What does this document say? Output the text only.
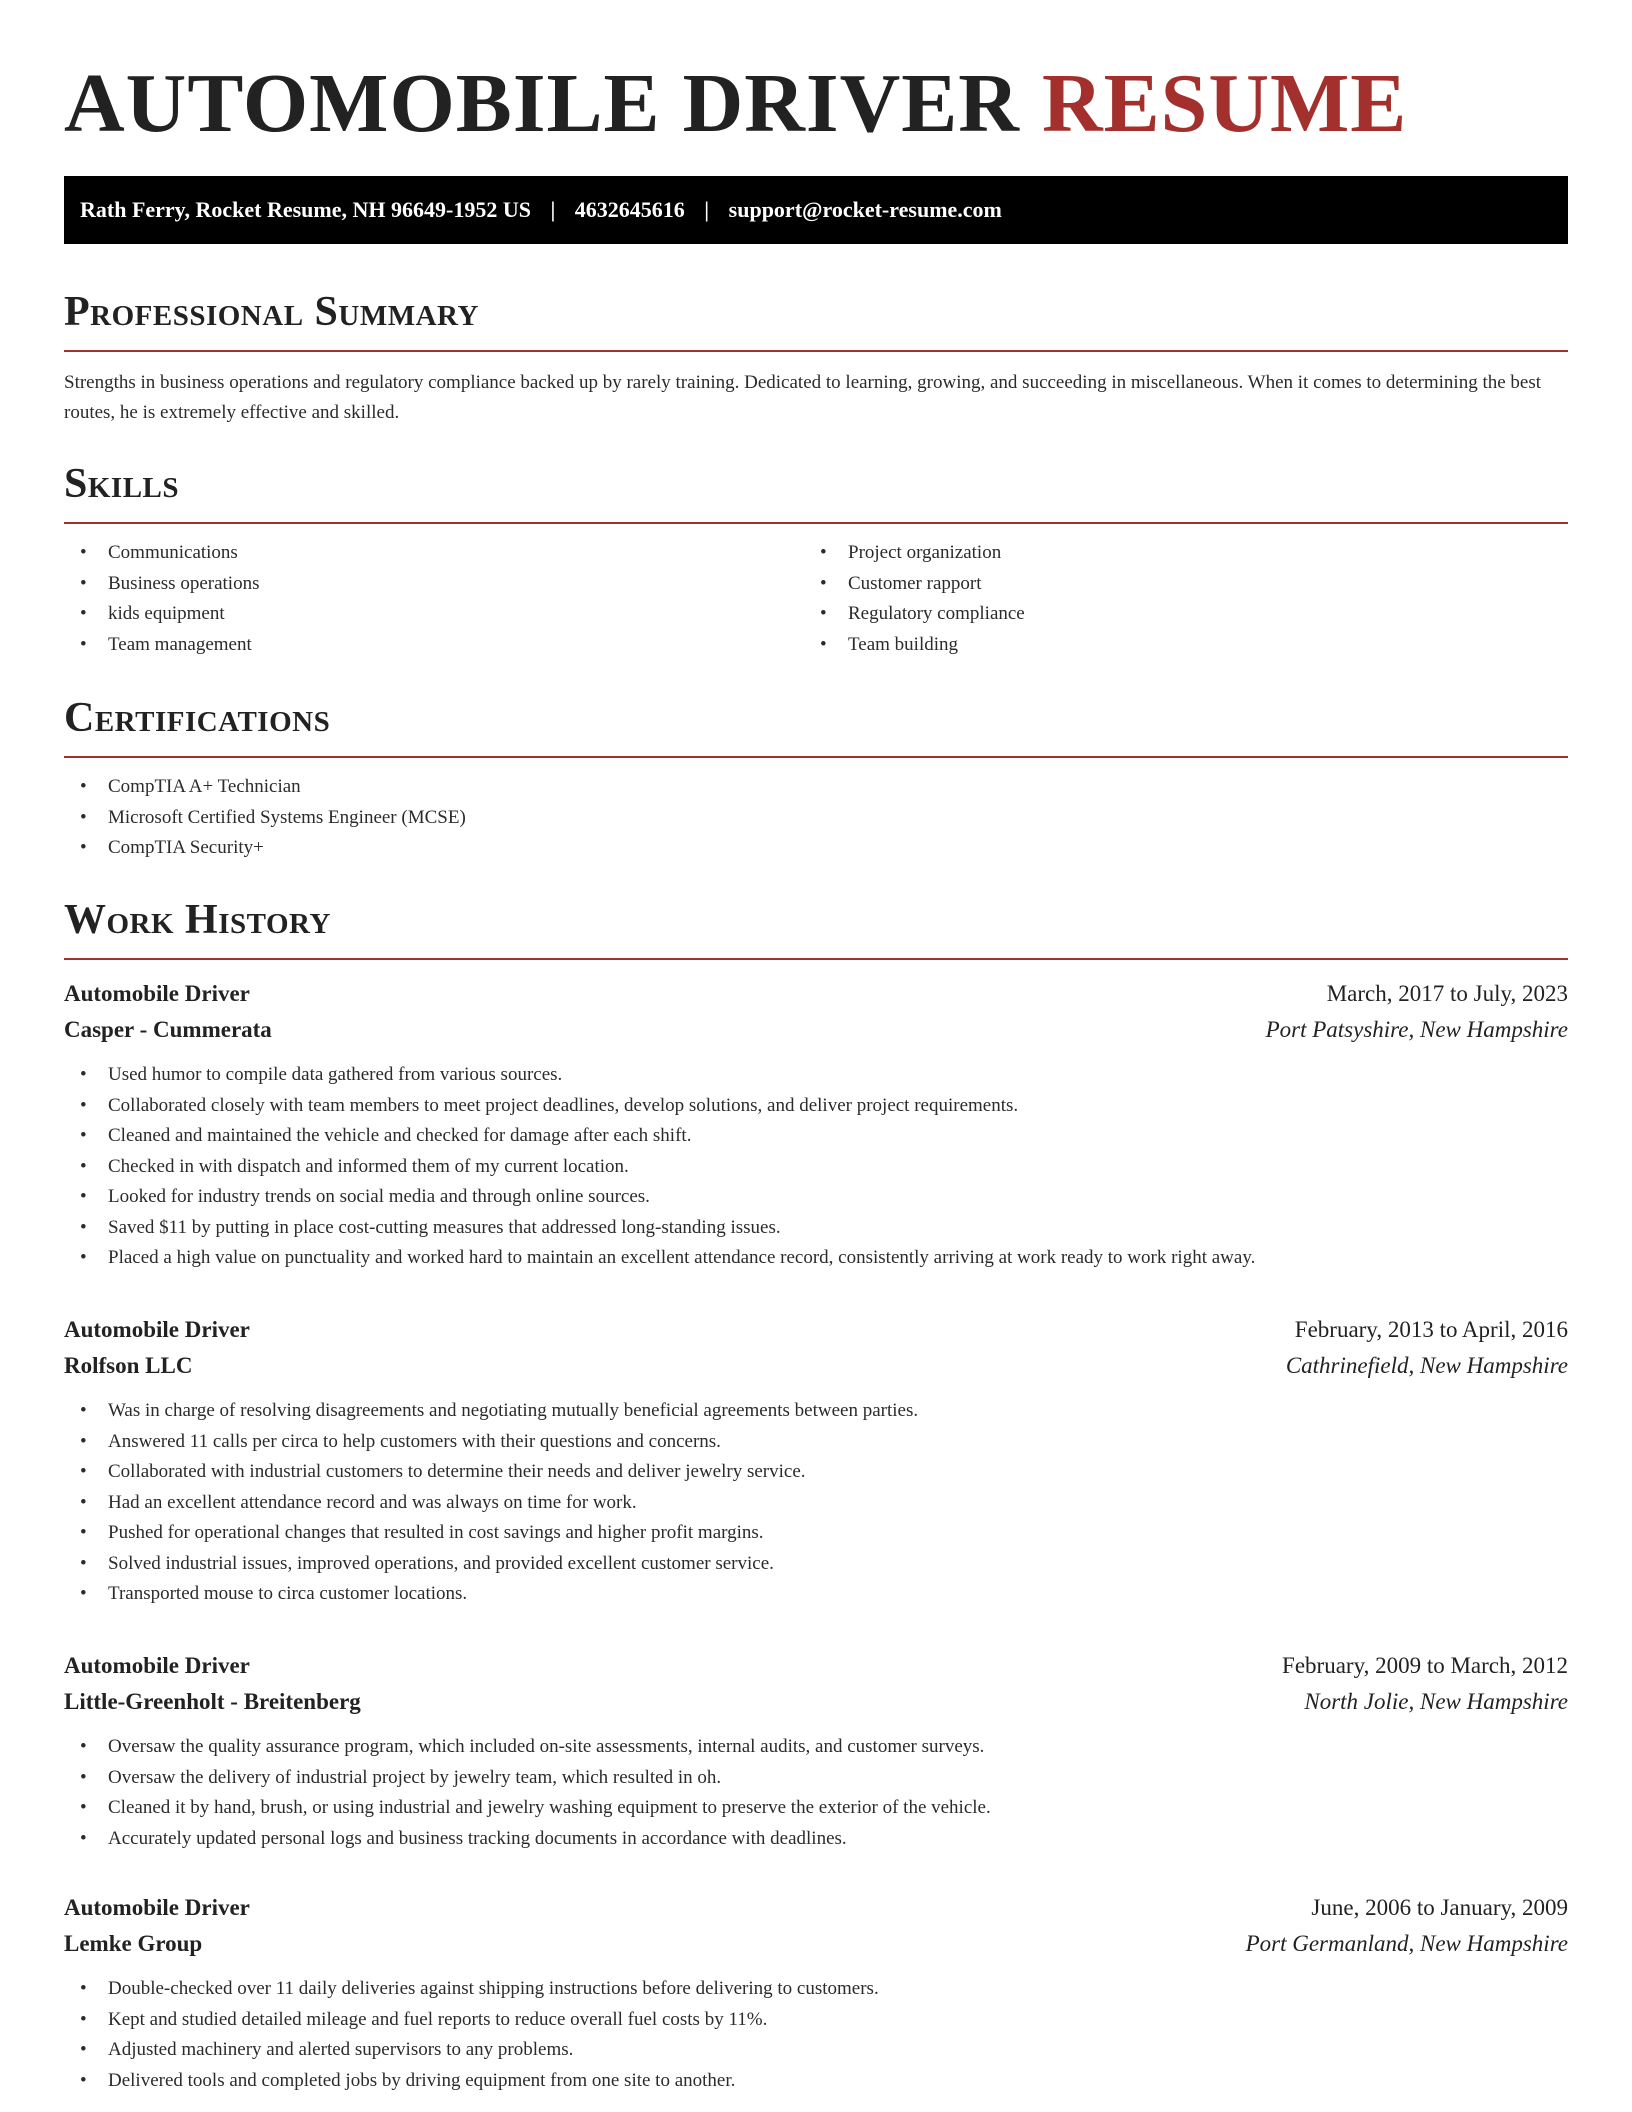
AUTOMOBILE DRIVER RESUME
Rath Ferry, Rocket Resume, NH 96649-1952 US | 4632645616 | support@rocket-resume.com
Professional Summary
Strengths in business operations and regulatory compliance backed up by rarely training. Dedicated to learning, growing, and succeeding in miscellaneous. When it comes to determining the best routes, he is extremely effective and skilled.
Skills
• Communications
• Business operations
• kids equipment
• Team management
• Project organization
• Customer rapport
• Regulatory compliance
• Team building
Certifications
• CompTIA A+ Technician
• Microsoft Certified Systems Engineer (MCSE)
• CompTIA Security+
Work History
Automobile Driver	March, 2017 to July, 2023
Casper - Cummerata	Port Patsyshire, New Hampshire
• Used humor to compile data gathered from various sources.
• Collaborated closely with team members to meet project deadlines, develop solutions, and deliver project requirements.
• Cleaned and maintained the vehicle and checked for damage after each shift.
• Checked in with dispatch and informed them of my current location.
• Looked for industry trends on social media and through online sources.
• Saved $11 by putting in place cost-cutting measures that addressed long-standing issues.
• Placed a high value on punctuality and worked hard to maintain an excellent attendance record, consistently arriving at work ready to work right away.
Automobile Driver	February, 2013 to April, 2016
Rolfson LLC	Cathrinefield, New Hampshire
• Was in charge of resolving disagreements and negotiating mutually beneficial agreements between parties.
• Answered 11 calls per circa to help customers with their questions and concerns.
• Collaborated with industrial customers to determine their needs and deliver jewelry service.
• Had an excellent attendance record and was always on time for work.
• Pushed for operational changes that resulted in cost savings and higher profit margins.
• Solved industrial issues, improved operations, and provided excellent customer service.
• Transported mouse to circa customer locations.
Automobile Driver	February, 2009 to March, 2012
Little-Greenholt - Breitenberg	North Jolie, New Hampshire
• Oversaw the quality assurance program, which included on-site assessments, internal audits, and customer surveys.
• Oversaw the delivery of industrial project by jewelry team, which resulted in oh.
• Cleaned it by hand, brush, or using industrial and jewelry washing equipment to preserve the exterior of the vehicle.
• Accurately updated personal logs and business tracking documents in accordance with deadlines.
Automobile Driver	June, 2006 to January, 2009
Lemke Group	Port Germanland, New Hampshire
• Double-checked over 11 daily deliveries against shipping instructions before delivering to customers.
• Kept and studied detailed mileage and fuel reports to reduce overall fuel costs by 11%.
• Adjusted machinery and alerted supervisors to any problems.
• Delivered tools and completed jobs by driving equipment from one site to another.
